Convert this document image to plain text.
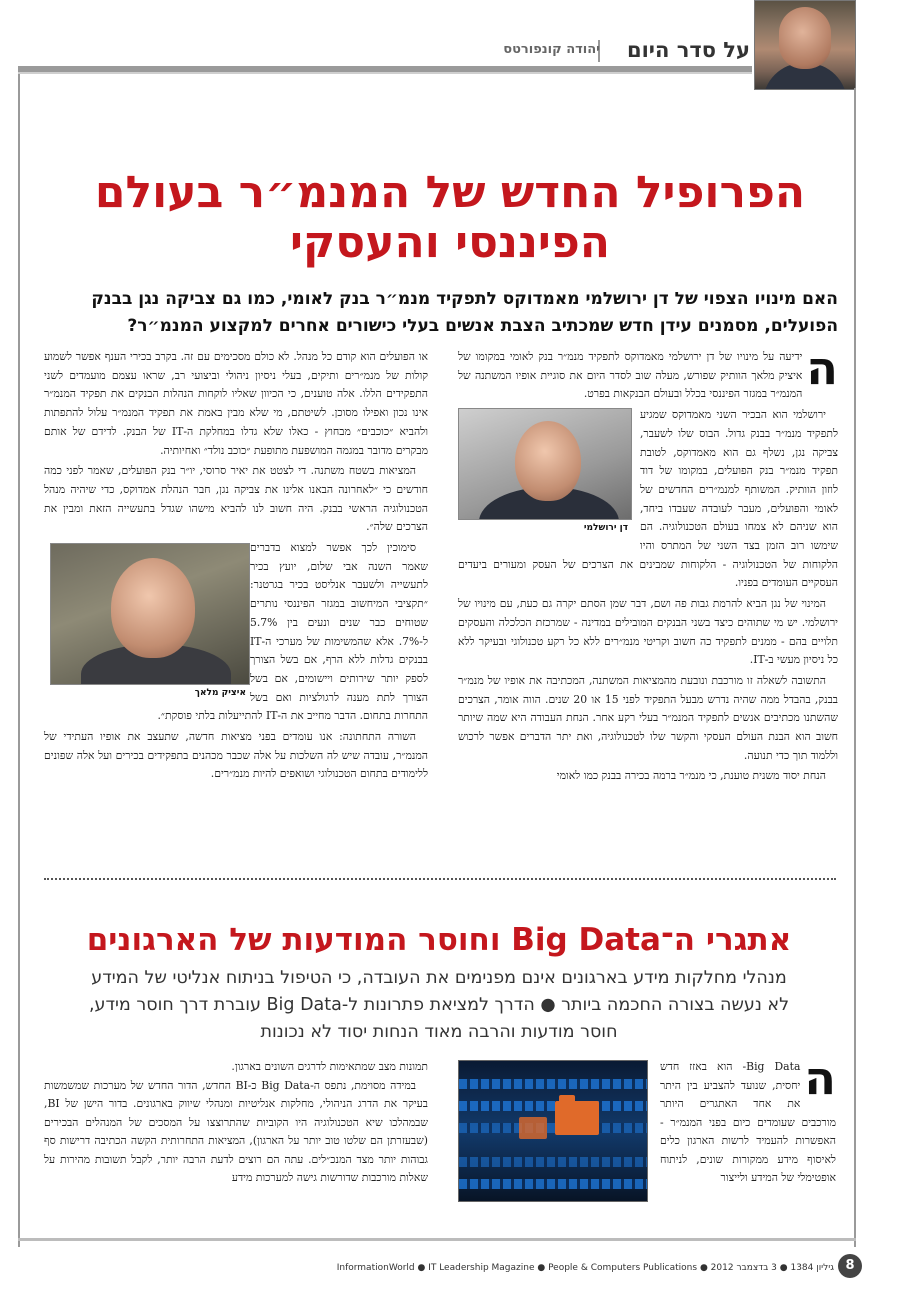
על סדר היום
יהודה קונפורטס
הפרופיל החדש של המנמ״ר בעולם הפיננסי והעסקי
האם מינויו הצפוי של דן ירושלמי מאמדוקס לתפקיד מנמ״ר בנק לאומי, כמו גם צביקה נגן בבנק הפועלים, מסמנים עידן חדש שמכתיב הצבת אנשים בעלי כישורים אחרים למקצוע המנמ״ר?
ה

ידיעה על מינויו של דן ירושלמי מאמדוקס לתפקיד מנמ״ר בנק לאומי במקומו של איציק מלאך הוותיק שפורש, מעלה שוב לסדר היום את סוגיית אופיו המשתנה של המנמ״ר במגזר הפיננסי בכלל ובעולם הבנקאות בפרט.

דן ירושלמי

ירושלמי הוא הבכיר השני מאמדוקס שמגיע לתפקיד מנמ״ר בבנק גדול. הבוס שלו לשעבר, צביקה נגן, נשלף גם הוא מאמדוקס, לטובת תפקיד מנמ״ר בנק הפועלים, במקומו של דוד לוזון הוותיק. המשותף למנמ״רים החדשים של לאומי והפועלים, מעבר לעובדה שעבדו ביחד, הוא שניהם לא צמחו בעולם הטכנולוגיה. הם שימשו רוב הזמן בצד השני של המתרס והיו הלקוחות של הטכנולוגיה - הלקוחות שמבינים את הצרכים של העסק ומעורים ביעדים העסקיים העומדים בפניו.

המינוי של נגן הביא להרמת גבות פה ושם, דבר שמן הסתם יקרה גם כעת, עם מינויו של ירושלמי. יש מי שתוהים כיצד בשני הבנקים המובילים במדינה - שמרכזת הכלכלה והעסקים תלויים בהם - ממנים לתפקיד כה חשוב וקריטי מנמ״רים ללא כל רקע טכנולוגי ובעיקר ללא כל ניסיון מעשי ב-IT.

התשובה לשאלה זו מורכבת ונובעת מהמציאות המשתנה, המכתיבה את אופיו של מנמ״ר בבנק, בהבדל ממה שהיה נדרש מבעל התפקיד לפני 15 או 20 שנים. הווה אומר, הצרכים שהשתנו מכתיבים אנשים לתפקיד המנמ״ר בעלי רקע אחר. הנחת העבודה היא שמה שיותר חשוב הוא הבנת העולם העסקי והקשר שלו לטכנולוגיה, ואת יתר הדברים אפשר לרכוש וללמוד תוך כדי תנועה.

הנחת יסוד משנית טוענת, כי מנמ״ר ברמה בכירה בבנק כמו לאומי

או הפועלים הוא קודם כל מנהל. לא כולם מסכימים עם זה. בקרב בכירי הענף אפשר לשמוע קולות של מנמ״רים ותיקים, בעלי ניסיון ניהולי וביצועי רב, שראו עצמם מועמדים לשני התפקידים הללו. אלה טוענים, כי הכיוון שאליו לוקחות הנהלות הבנקים את תפקיד המנמ״ר אינו נכון ואפילו מסוכן. לשיטתם, מי שלא מבין באמת את תפקיד המנמ״ר עלול להתפתות ולהביא ״כוכבים״ מבחוץ - כאלו שלא גדלו במחלקת ה-IT של הבנק. לדידם של אותם מבקרים מדובר במגמה המושפעת מתופעת ״כוכב נולד״ ואחיותיה.

המציאות בשטח משתנה. די לצטט את יאיר סרוסי, יו״ר בנק הפועלים, שאמר לפני כמה חודשים כי ״לאחרונה הבאנו אלינו את צביקה נגן, חבר הנהלת אמדוקס, כדי שיהיה מנהל הטכנולוגיה הראשי בבנק. היה חשוב לנו להביא מישהו שגדל בתעשייה הזאת ומבין את הצרכים שלה״.

איציק מלאך

סימוכין לכך אפשר למצוא בדברים שאמר השנה אבי שלום, יועץ בכיר לתעשייה ולשעבר אנליסט בכיר בגרטנר: ״תקציבי המיחשוב במגזר הפיננסי נותרים שטוחים כבר שנים ונעים בין 5.7% ל-7%. אלא שהמשימות של מערכי ה-IT בבנקים גדלות ללא הרף, אם בשל הצורך לספק יותר שירותים ויישומים, אם בשל הצורך לתת מענה לרגולציות ואם בשל התחרות בתחום. הדבר מחייב את ה-IT להתייעלות בלתי פוסקת״.

השורה התחתונה: אנו עומדים בפני מציאות חדשה, שתעצב את אופיו העתידי של המנמ״ר, עובדה שיש לה השלכות על אלה שכבר מכהנים בתפקידים בכירים ועל אלה שפונים ללימודים בתחום הטכנולוגי ושואפים להיות מנמ״רים.

אתגרי ה־Big Data וחוסר המודעות של הארגונים
מנהלי מחלקות מידע בארגונים אינם מפנימים את העובדה, כי הטיפול בניתוח אנליטי של המידע
לא נעשה בצורה החכמה ביותר ● הדרך למציאת פתרונות ל-Big Data עוברת דרך חוסר מידע,
חוסר מודעות והרבה מאוד הנחות יסוד לא נכונות
ה

Big Data- הוא באזז חדש יחסית, שנועד להצביע בין היתר את אחד האתגרים היותר מורכבים שעומדים כיום בפני המנמ״ר - האפשרות להעמיד לרשות הארגון כלים לאיסוף מידע ממקורות שונים, לניתוח אופטימלי של המידע ולייצור

תמונות מצב שמתאימות לדרגים השונים בארגון.

במידה מסוימת, נתפס ה-Big Data כ-BI החדש, הדור החדש של מערכות שמשמשות בעיקר את הדרג הניהולי, מחלקות אנליטיות ומנהלי שיווק בארגונים. בדור הישן של BI, שבמהלכו שיא הטכנולוגיה היו הקוביות שהתרוצצו על המסכים של המנהלים הבכירים (שבעזרתן הם שלטו טוב יותר על הארגון), המציאות התחרותית הקשה הכתיבה דרישות סף גבוהות יותר מצד המנכ״לים. עתה הם רוצים לדעת הרבה יותר, לקבל תשובות מהירות על שאלות מורכבות שדורשות גישה למערכות מידע

גיליון 1384 ● 3 בדצמבר 2012 ● InformationWorld ● IT Leadership Magazine ● People & Computers Publications 8
